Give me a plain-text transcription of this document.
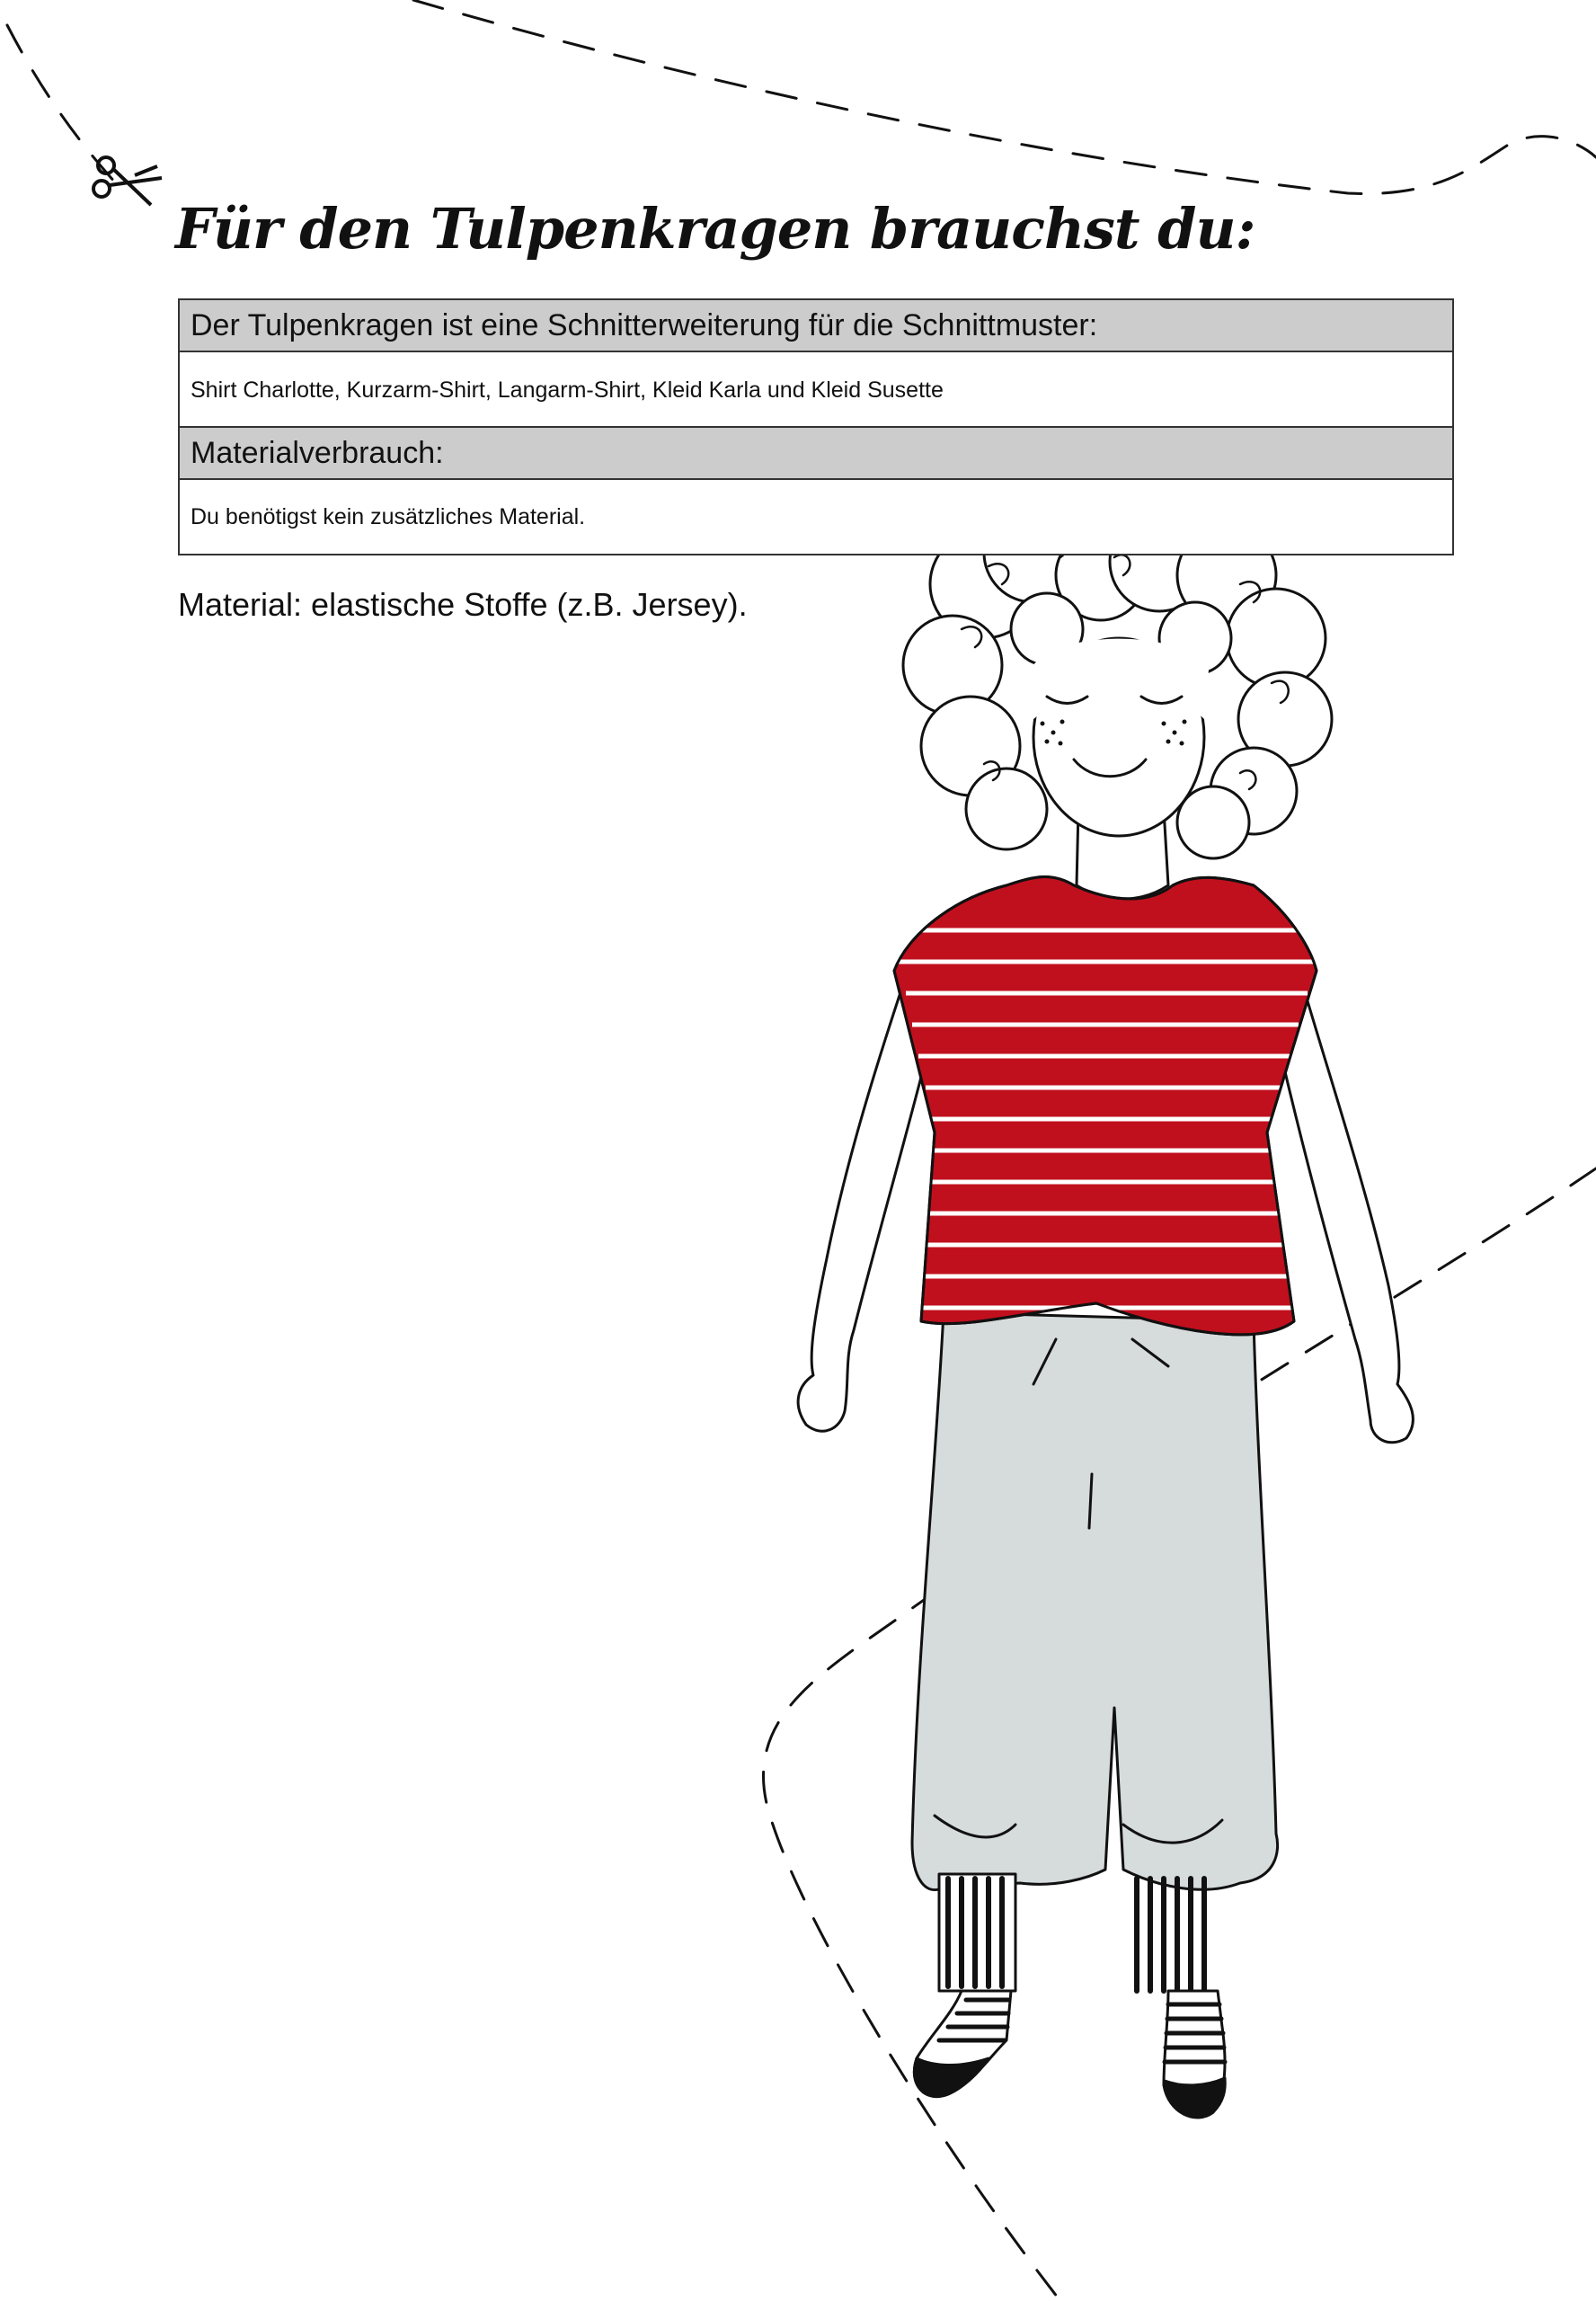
Für den Tulpenkragen brauchst du:
Der Tulpenkragen ist eine Schnitterweiterung für die Schnittmuster:
Shirt Charlotte, Kurzarm-Shirt, Langarm-Shirt, Kleid Karla und Kleid Susette
Materialverbrauch:
Du benötigst kein zusätzliches Material.

Material: elastische Stoffe (z.B. Jersey).
